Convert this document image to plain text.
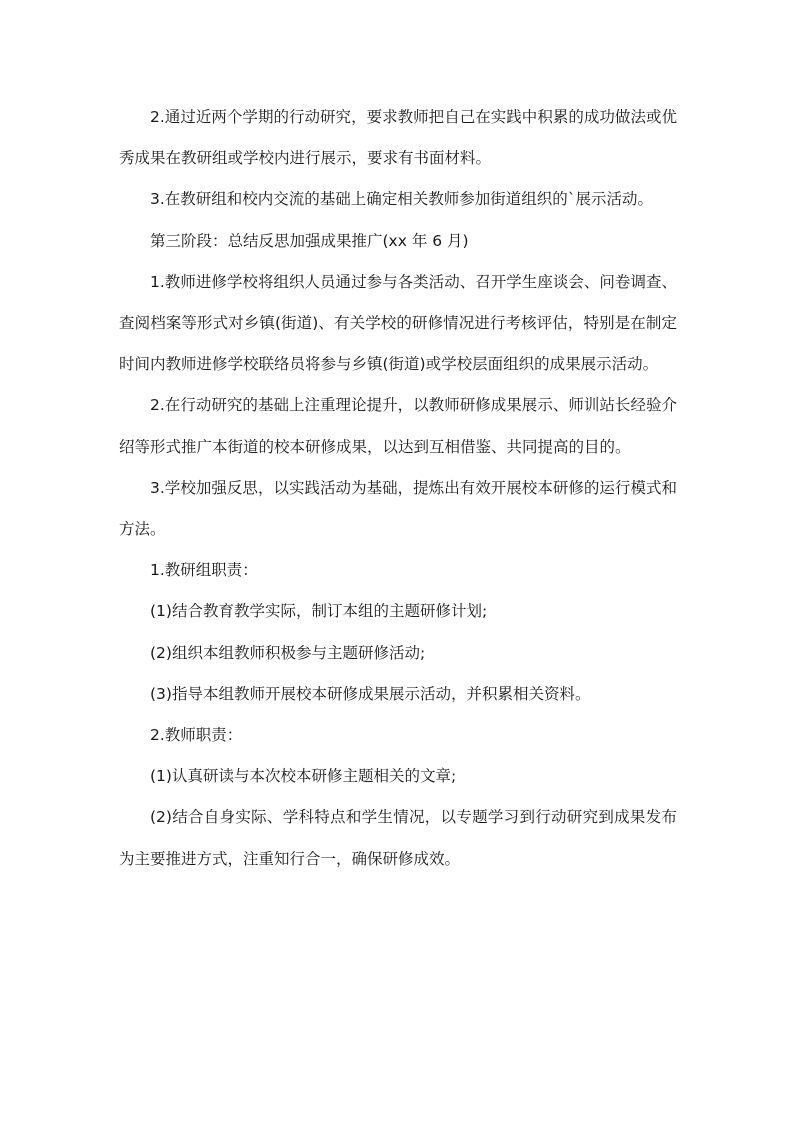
2.通过近两个学期的行动研究，要求教师把自己在实践中积累的成功做法或优秀成果在教研组或学校内进行展示，要求有书面材料。

3.在教研组和校内交流的基础上确定相关教师参加街道组织的`展示活动。

第三阶段：总结反思加强成果推广(xx 年 6 月)

1.教师进修学校将组织人员通过参与各类活动、召开学生座谈会、问卷调查、查阅档案等形式对乡镇(街道)、有关学校的研修情况进行考核评估，特别是在制定时间内教师进修学校联络员将参与乡镇(街道)或学校层面组织的成果展示活动。

2.在行动研究的基础上注重理论提升，以教师研修成果展示、师训站长经验介绍等形式推广本街道的校本研修成果，以达到互相借鉴、共同提高的目的。

3.学校加强反思，以实践活动为基础，提炼出有效开展校本研修的运行模式和方法。

1.教研组职责：

(1)结合教育教学实际，制订本组的主题研修计划;

(2)组织本组教师积极参与主题研修活动;

(3)指导本组教师开展校本研修成果展示活动，并积累相关资料。

2.教师职责：

(1)认真研读与本次校本研修主题相关的文章;

(2)结合自身实际、学科特点和学生情况，以专题学习到行动研究到成果发布为主要推进方式，注重知行合一，确保研修成效。
